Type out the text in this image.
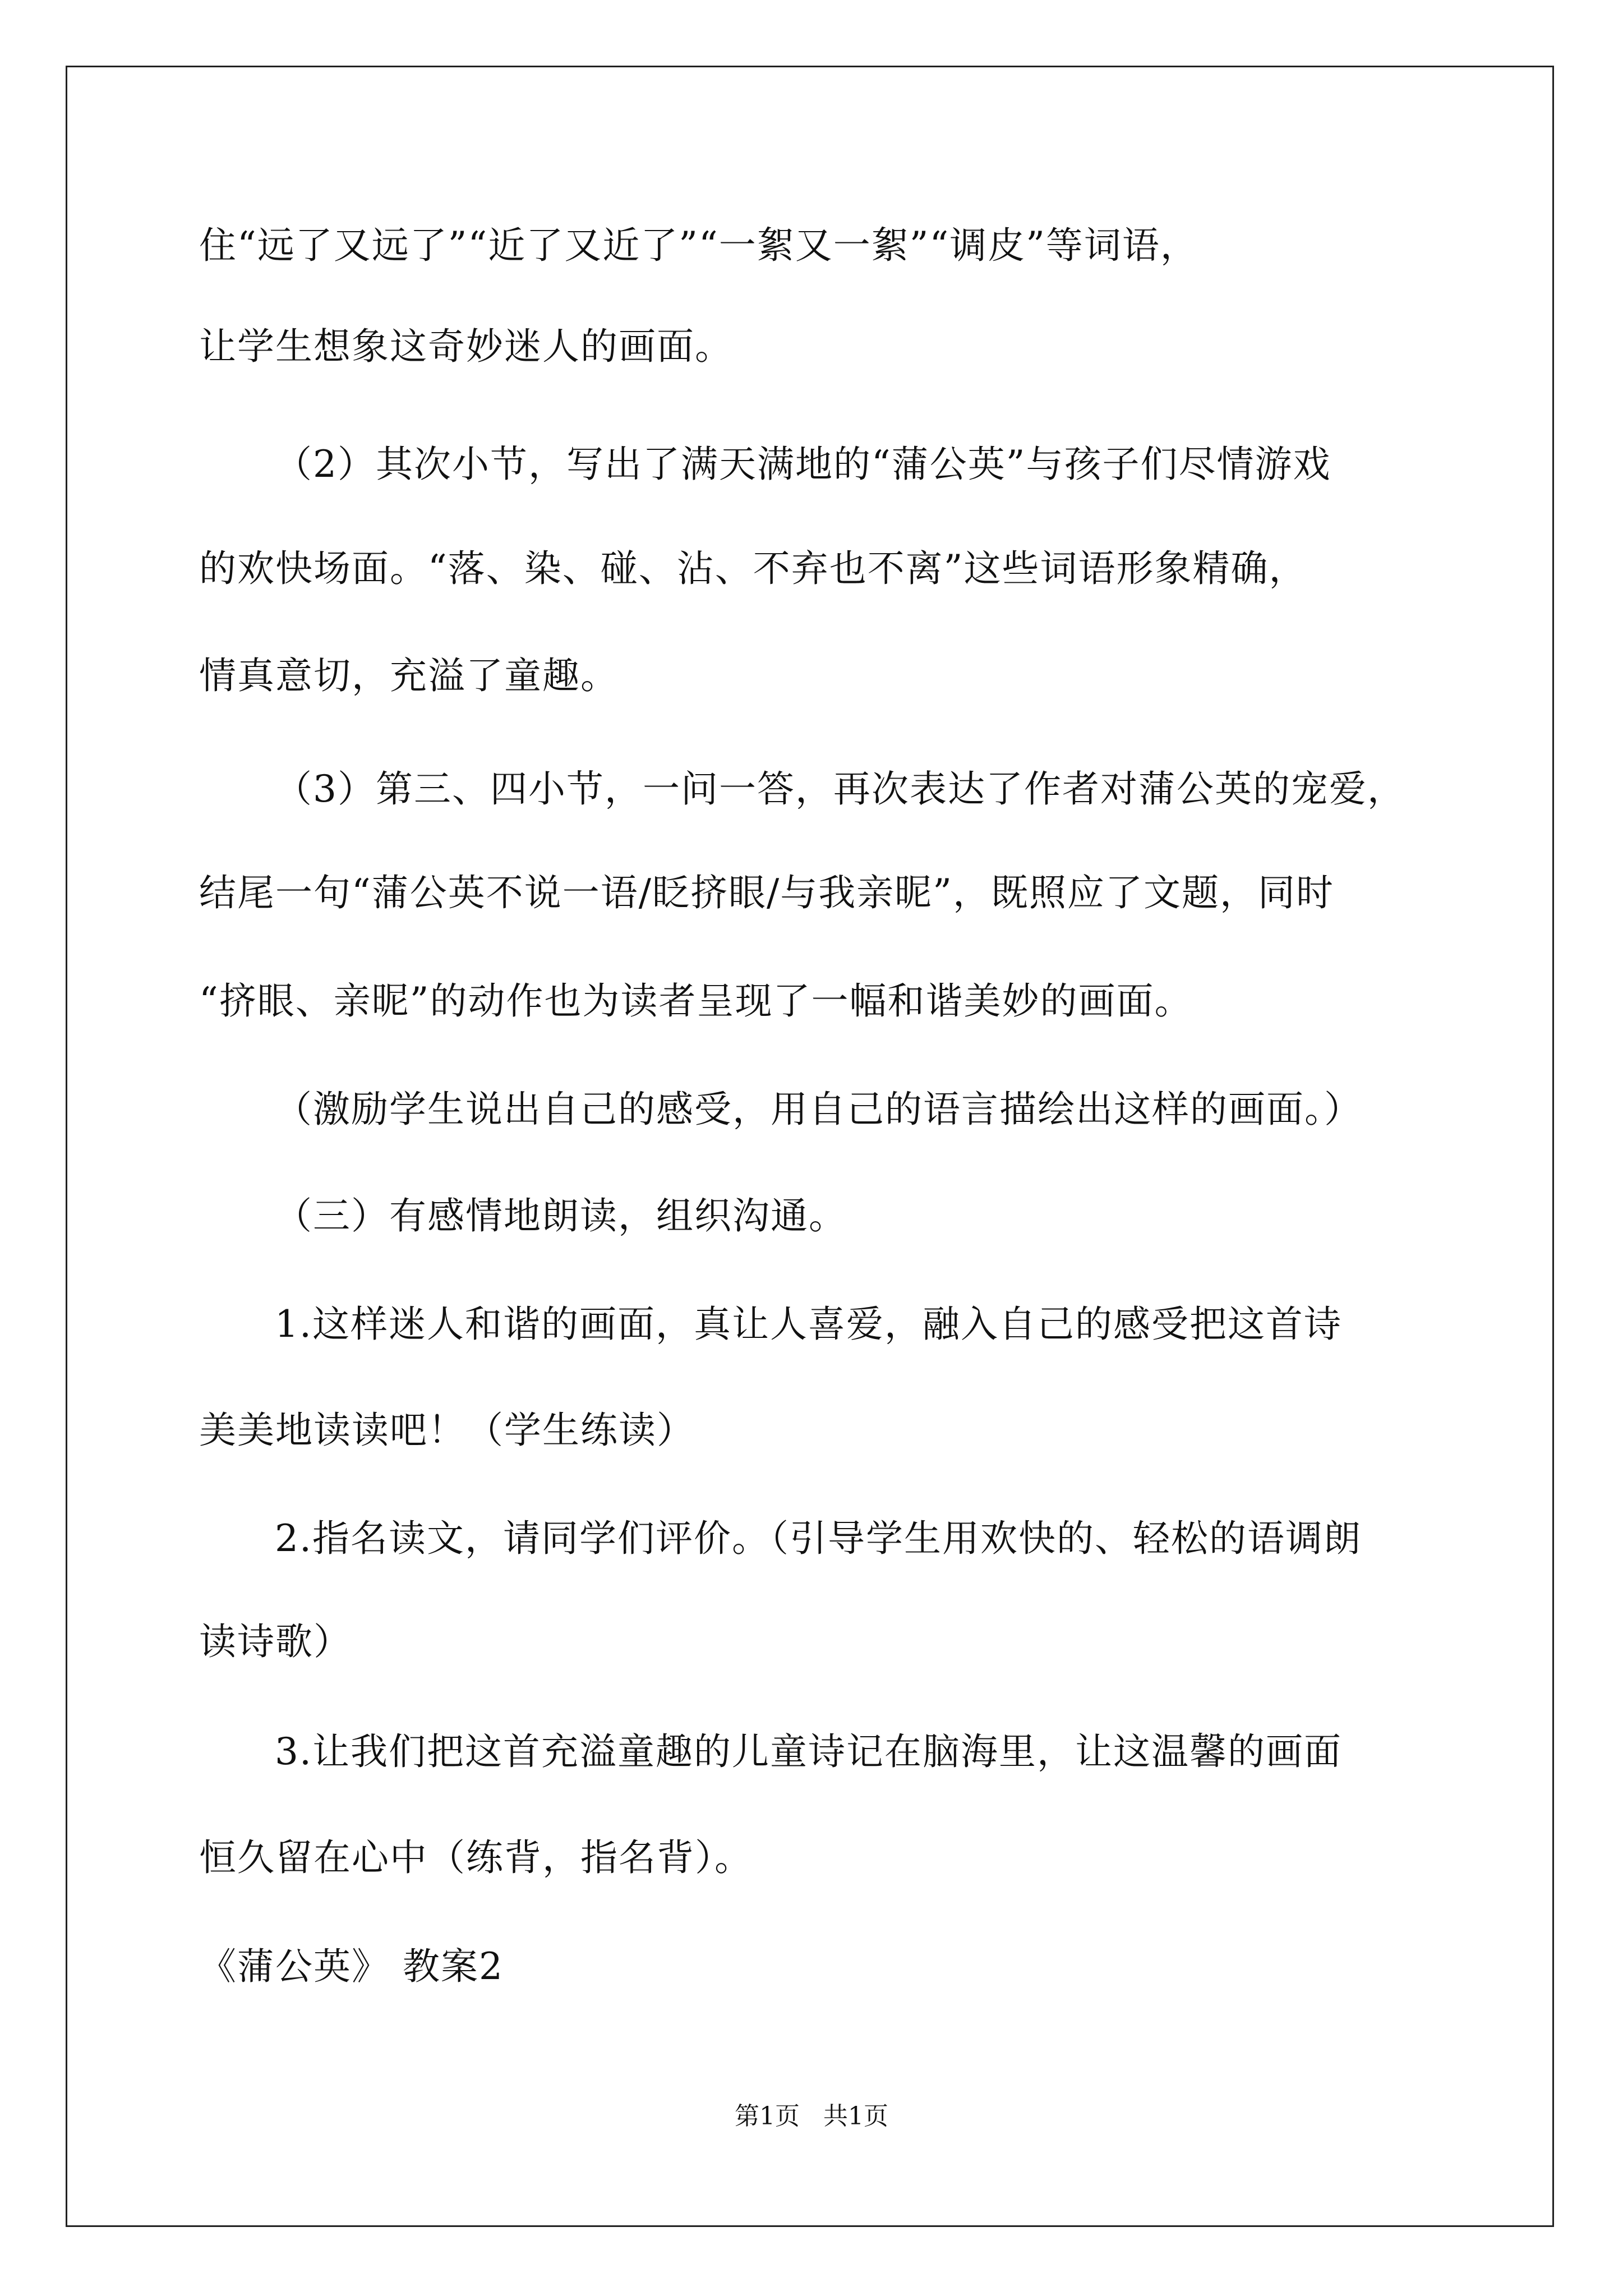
住“远了又远了”“近了又近了”“一絮又一絮”“调皮”等词语，

让学生想象这奇妙迷人的画面。

（2）其次小节，写出了满天满地的“蒲公英”与孩子们尽情游戏

的欢快场面。“落、染、碰、沾、不弃也不离”这些词语形象精确，

情真意切，充溢了童趣。

（3）第三、四小节，一问一答，再次表达了作者对蒲公英的宠爱，

结尾一句“蒲公英不说一语/眨挤眼/与我亲昵”，既照应了文题，同时

“挤眼、亲昵”的动作也为读者呈现了一幅和谐美妙的画面。

（激励学生说出自己的感受，用自己的语言描绘出这样的画面。）

（三）有感情地朗读，组织沟通。

1.这样迷人和谐的画面，真让人喜爱，融入自己的感受把这首诗

美美地读读吧！（学生练读）

2.指名读文，请同学们评价。（引导学生用欢快的、轻松的语调朗

读诗歌）

3.让我们把这首充溢童趣的儿童诗记在脑海里，让这温馨的画面

恒久留在心中（练背，指名背）。

《蒲公英》 教案2

第1页   共1页
